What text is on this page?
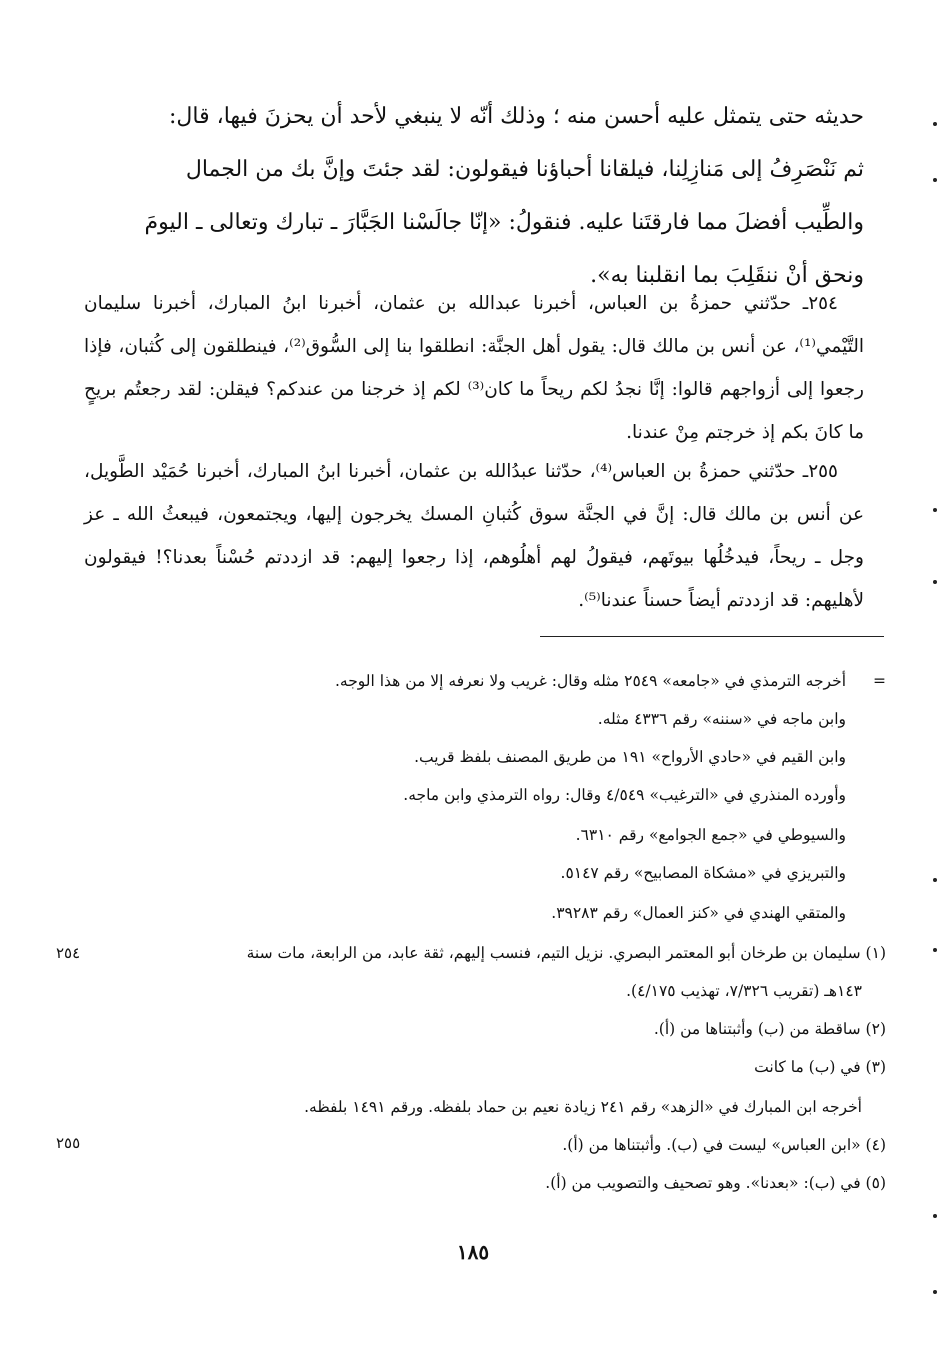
حديثه حتى يتمثل عليه أحسن منه ؛ وذلك أنّه لا ينبغي لأحد أن يحزنَ فيها، قال:

ثم نَنْصَرِفُ إلى مَنازِلِنا، فيلقانا أحباؤنا فيقولون: لقد جئتَ وإنَّ بك من الجمال

والطِّيب أفضلَ مما فارقتَنا عليه. فنقولُ: «إنّا جالَسْنا الجَبَّارَ ـ تبارك وتعالى ـ اليومَ

ونحق أنْ ننقَلِبَ بما انقلبنا به».

٢٥٤ـ حدّثني حمزةُ بن العباس، أخبرنا عبدالله بن عثمان، أخبرنا ابنُ المبارك، أخبرنا سليمان التَّيْمي⁽¹⁾، عن أنس بن مالك قال: يقول أهل الجنَّة: انطلقوا بنا إلى السُّوق⁽²⁾، فينطلقون إلى كُثبان، فإذا رجعوا إلى أزواجهم قالوا: إنَّا نجدُ لكم ريحاً ما كان⁽³⁾ لكم إذ خرجنا من عندكم؟ فيقلن: لقد رجعتُم بريحٍ ما كانَ بكم إذ خرجتم مِنْ عندنا.

٢٥٥ـ حدّثني حمزةُ بن العباس⁽⁴⁾، حدّثنا عبدُالله بن عثمان، أخبرنا ابنُ المبارك، أخبرنا حُمَيْد الطَّويل، عن أنس بن مالك قال: إنَّ في الجنَّة سوق كُثبانِ المسك يخرجون إليها، ويجتمعون، فيبعثُ الله ـ عز وجل ـ ريحاً، فيدخُلُها بيوتَهم، فيقولُ لهم أهلُوهم، إذا رجعوا إليهم: قد ازددتم حُسْناً بعدنا؟! فيقولون لأهليهم: قد ازددتم أيضاً حسناً عندنا⁽⁵⁾.

=
أخرجه الترمذي في «جامعه» ٢٥٤٩ مثله وقال: غريب ولا نعرفه إلا من هذا الوجه.
وابن ماجه في «سننه» رقم ٤٣٣٦ مثله.
وابن القيم في «حادي الأرواح» ١٩١ من طريق المصنف بلفظ قريب.
وأورده المنذري في «الترغيب» ٤/٥٤٩ وقال: رواه الترمذي وابن ماجه.
والسيوطي في «جمع الجوامع» رقم ٦٣١٠.
والتبريزي في «مشكاة المصابيح» رقم ٥١٤٧.
والمتقي الهندي في «كنز العمال» رقم ٣٩٢٨٣.
(١) سليمان بن طرخان أبو المعتمر البصري. نزيل التيم، فنسب إليهم، ثقة عابد، من الرابعة، مات سنة
١٤٣هـ (تقريب ٧/٣٢٦، تهذيب ٤/١٧٥).
(٢) ساقطة من (ب) وأثبتناها من (أ).
(٣) في (ب) ما كانت
أخرجه ابن المبارك في «الزهد» رقم ٢٤١ زيادة نعيم بن حماد بلفظه. ورقم ١٤٩١ بلفظه.
(٤) «ابن العباس» ليست في (ب). وأثبتناها من (أ).
(٥) في (ب): «بعدنا». وهو تصحيف والتصويب من (أ).
٢٥٤
٢٥٥
١٨٥
